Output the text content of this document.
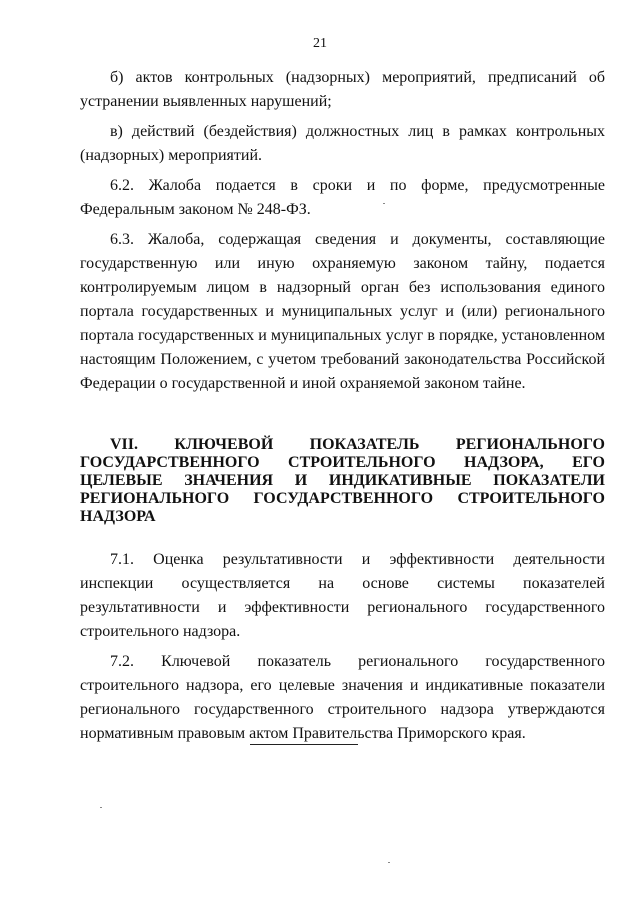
21

б) актов контрольных (надзорных) мероприятий, предписаний об устранении выявленных нарушений;

в) действий (бездействия) должностных лиц в рамках контрольных (надзорных) мероприятий.

6.2. Жалоба подается в сроки и по форме, предусмотренные Федеральным законом № 248-ФЗ.

6.3. Жалоба, содержащая сведения и документы, составляющие государственную или иную охраняемую законом тайну, подается контролируемым лицом в надзорный орган без использования единого портала государственных и муниципальных услуг и (или) регионального портала государственных и муниципальных услуг в порядке, установленном настоящим Положением, с учетом требований законодательства Российской Федерации о государственной и иной охраняемой законом тайне.

VII. КЛЮЧЕВОЙ ПОКАЗАТЕЛЬ РЕГИОНАЛЬНОГО ГОСУДАРСТВЕННОГО СТРОИТЕЛЬНОГО НАДЗОРА, ЕГО ЦЕЛЕВЫЕ ЗНАЧЕНИЯ И ИНДИКАТИВНЫЕ ПОКАЗАТЕЛИ РЕГИОНАЛЬНОГО ГОСУДАРСТВЕННОГО СТРОИТЕЛЬНОГО НАДЗОРА

7.1. Оценка результативности и эффективности деятельности инспекции осуществляется на основе системы показателей результативности и эффективности регионального государственного строительного надзора.

7.2. Ключевой показатель регионального государственного строительного надзора, его целевые значения и индикативные показатели регионального государственного строительного надзора утверждаются нормативным правовым актом Правительства Приморского края.
